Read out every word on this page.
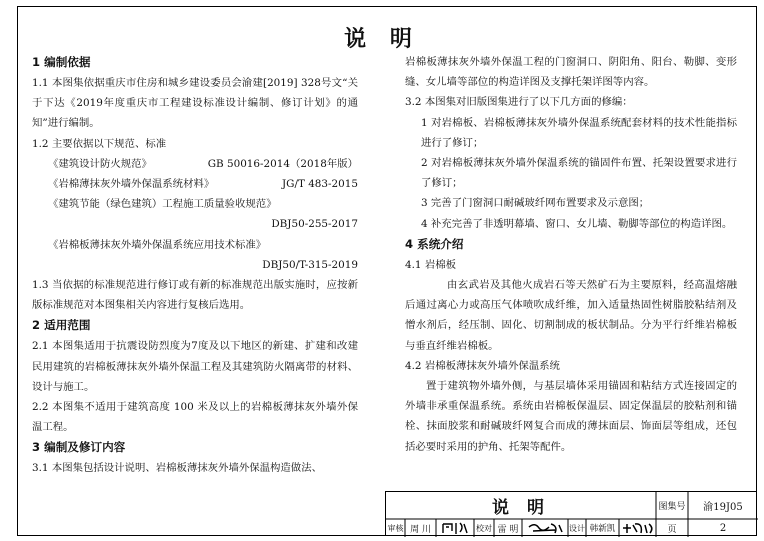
说 明
1 编制依据
1.1 本图集依据重庆市住房和城乡建设委员会渝建[2019] 328号文“关于下达《2019年度重庆市工程建设标准设计编制、修订计划》的通知”进行编制。
1.2 主要依据以下规范、标准
《建筑设计防火规范》	GB 50016-2014（2018年版）
《岩棉薄抹灰外墙外保温系统材料》	JG/T 483-2015
《建筑节能（绿色建筑）工程施工质量验收规范》
DBJ50-255-2017
《岩棉板薄抹灰外墙外保温系统应用技术标准》
DBJ50/T-315-2019
1.3 当依据的标准规范进行修订或有新的标准规范出版实施时，应按新版标准规范对本图集相关内容进行复核后选用。
2 适用范围
2.1 本图集适用于抗震设防烈度为7度及以下地区的新建、扩建和改建民用建筑的岩棉板薄抹灰外墙外保温工程及其建筑防火隔离带的材料、设计与施工。
2.2 本图集不适用于建筑高度 100 米及以上的岩棉板薄抹灰外墙外保温工程。
3 编制及修订内容
3.1 本图集包括设计说明、岩棉板薄抹灰外墙外保温构造做法、
岩棉板薄抹灰外墙外保温工程的门窗洞口、阴阳角、阳台、勒脚、变形缝、女儿墙等部位的构造详图及支撑托架详图等内容。
3.2 本图集对旧版图集进行了以下几方面的修编：
1 对岩棉板、岩棉板薄抹灰外墙外保温系统配套材料的技术性能指标进行了修订；
2 对岩棉板薄抹灰外墙外保温系统的锚固件布置、托架设置要求进行了修订；
3 完善了门窗洞口耐碱玻纤网布置要求及示意图；
4 补充完善了非透明幕墙、窗口、女儿墙、勒脚等部位的构造详图。
4 系统介绍
4.1 岩棉板
由玄武岩及其他火成岩石等天然矿石为主要原料，经高温熔融后通过离心力或高压气体喷吹成纤维，加入适量热固性树脂胶粘结剂及憎水剂后，经压制、固化、切割制成的板状制品。分为平行纤维岩棉板与垂直纤维岩棉板。
4.2 岩棉板薄抹灰外墙外保温系统
置于建筑物外墙外侧，与基层墙体采用锚固和粘结方式连接固定的外墙非承重保温系统。系统由岩棉板保温层、固定保温层的胶粘剂和锚栓、抹面胶浆和耐碱玻纤网复合而成的薄抹面层、饰面层等组成，还包括必要时采用的护角、托架等配件。
说 明	图集号	渝19J05
审核 周 川	校对 雷 明	设计 韩新凯	页	2
